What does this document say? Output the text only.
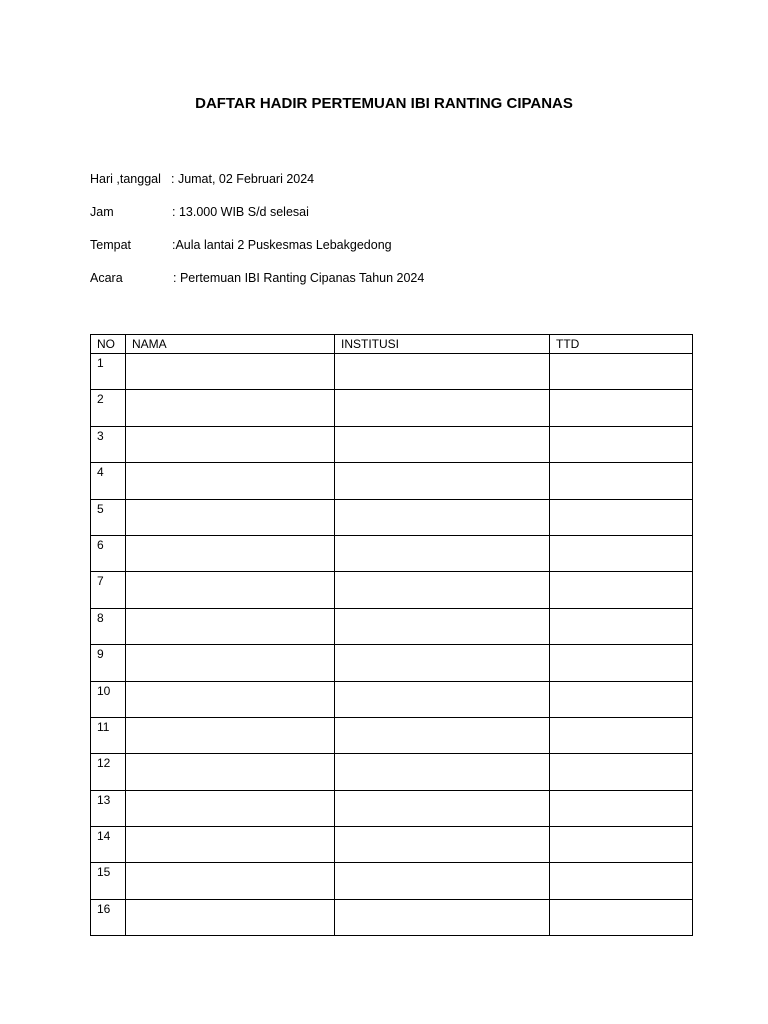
DAFTAR HADIR PERTEMUAN IBI RANTING CIPANAS
Hari ,tanggal : Jumat, 02 Februari 2024
Jam	: 13.000 WIB S/d selesai
Tempat	:Aula lantai 2 Puskesmas Lebakgedong
Acara	: Pertemuan IBI Ranting Cipanas Tahun 2024
NO	NAMA	INSTITUSI	TTD
1			
2			
3			
4			
5			
6			
7			
8			
9			
10			
11			
12			
13			
14			
15			
16			
